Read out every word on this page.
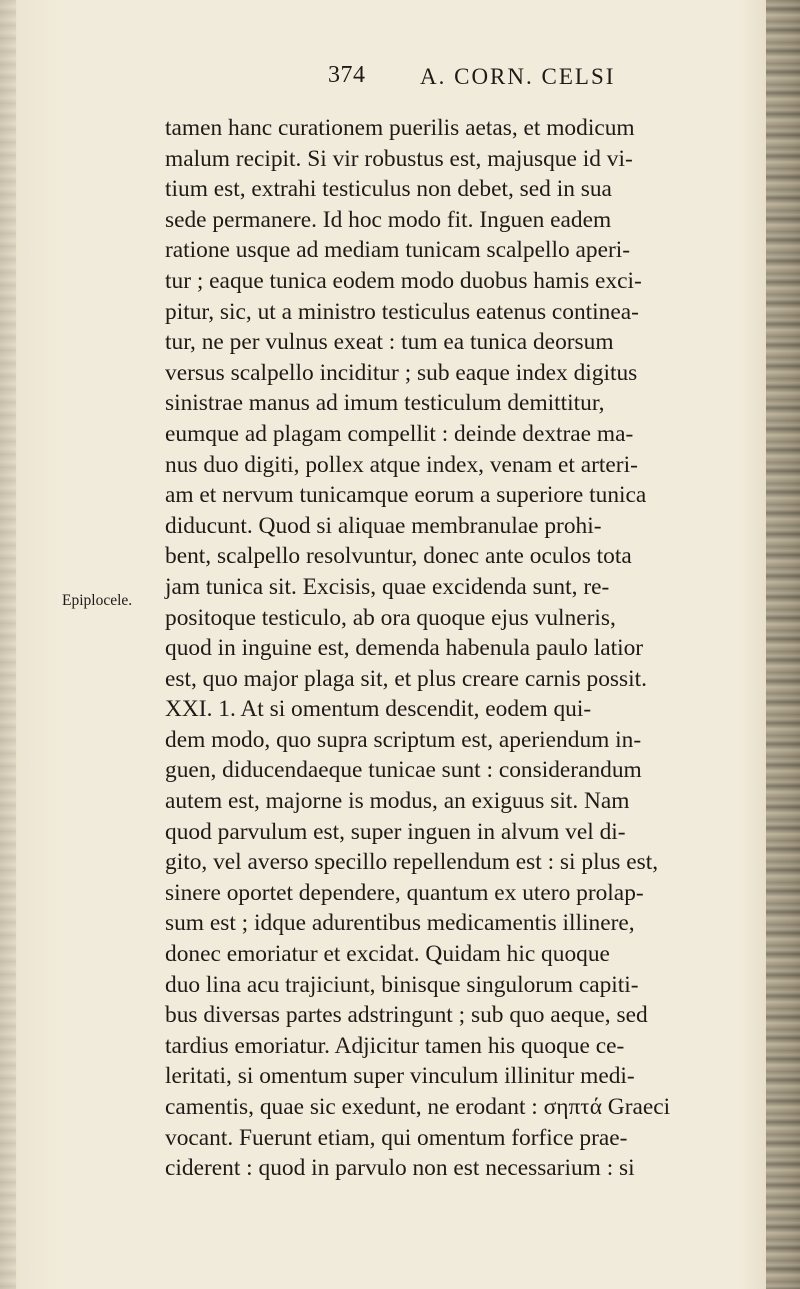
374 A. CORN. CELSI
Epiplocele.
tamen hanc curationem puerilis aetas, et modicum
malum recipit. Si vir robustus est, majusque id vi-
tium est, extrahi testiculus non debet, sed in sua
sede permanere. Id hoc modo fit. Inguen eadem
ratione usque ad mediam tunicam scalpello aperi-
tur ; eaque tunica eodem modo duobus hamis exci-
pitur, sic, ut a ministro testiculus eatenus continea-
tur, ne per vulnus exeat : tum ea tunica deorsum
versus scalpello inciditur ; sub eaque index digitus
sinistrae manus ad imum testiculum demittitur,
eumque ad plagam compellit : deinde dextrae ma-
nus duo digiti, pollex atque index, venam et arteri-
am et nervum tunicamque eorum a superiore tunica
diducunt. Quod si aliquae membranulae prohi-
bent, scalpello resolvuntur, donec ante oculos tota
jam tunica sit. Excisis, quae excidenda sunt, re-
positoque testiculo, ab ora quoque ejus vulneris,
quod in inguine est, demenda habenula paulo latior
est, quo major plaga sit, et plus creare carnis possit.
XXI. 1. At si omentum descendit, eodem qui-
dem modo, quo supra scriptum est, aperiendum in-
guen, diducendaeque tunicae sunt : considerandum
autem est, majorne is modus, an exiguus sit. Nam
quod parvulum est, super inguen in alvum vel di-
gito, vel averso specillo repellendum est : si plus est,
sinere oportet dependere, quantum ex utero prolap-
sum est ; idque adurentibus medicamentis illinere,
donec emoriatur et excidat. Quidam hic quoque
duo lina acu trajiciunt, binisque singulorum capiti-
bus diversas partes adstringunt ; sub quo aeque, sed
tardius emoriatur. Adjicitur tamen his quoque ce-
leritati, si omentum super vinculum illinitur medi-
camentis, quae sic exedunt, ne erodant : σηπτά Graeci
vocant. Fuerunt etiam, qui omentum forfice prae-
ciderent : quod in parvulo non est necessarium : si
